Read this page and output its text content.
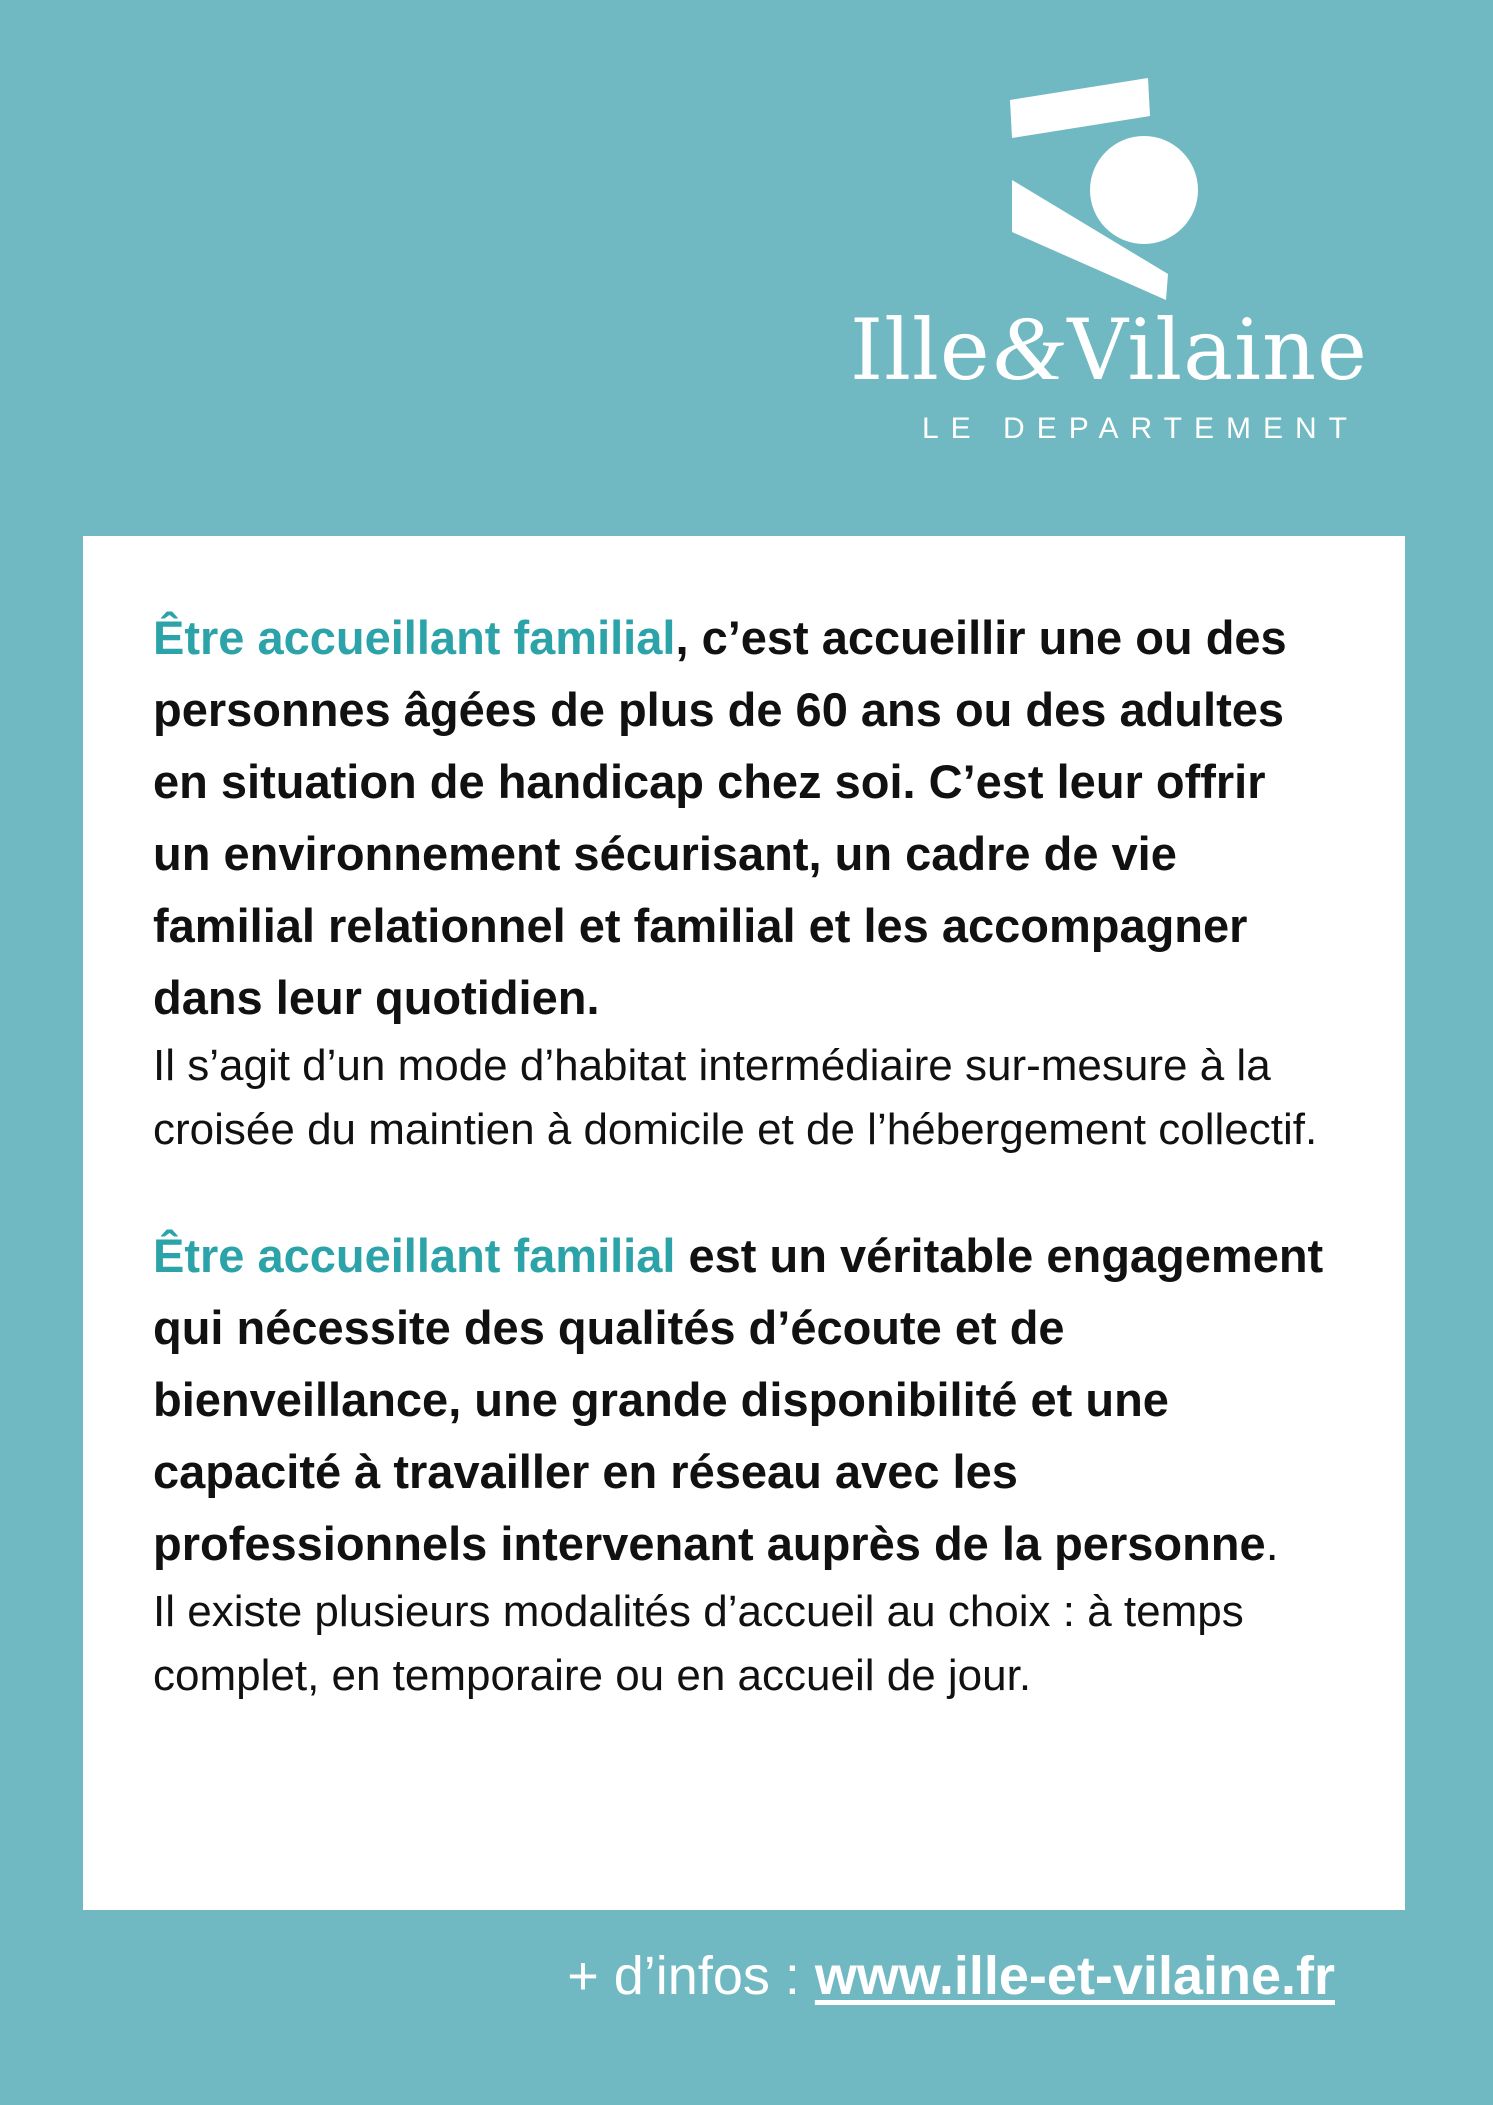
Ille&Vilaine
LE DEPARTEMENT

Être accueillant familial, c’est accueillir une ou des personnes âgées de plus de 60 ans ou des adultes en situation de handicap chez soi. C’est leur offrir un environnement sécurisant, un cadre de vie familial relationnel et familial et les accompagner dans leur quotidien.

Il s’agit d’un mode d’habitat intermédiaire sur-mesure à la croisée du maintien à domicile et de l’hébergement collectif.

Être accueillant familial est un véritable engagement qui nécessite des qualités d’écoute et de bienveillance, une grande disponibilité et une capacité à travailler en réseau avec les professionnels intervenant auprès de la personne.

Il existe plusieurs modalités d’accueil au choix : à temps complet, en temporaire ou en accueil de jour.

+ d’infos : www.ille-et-vilaine.fr
